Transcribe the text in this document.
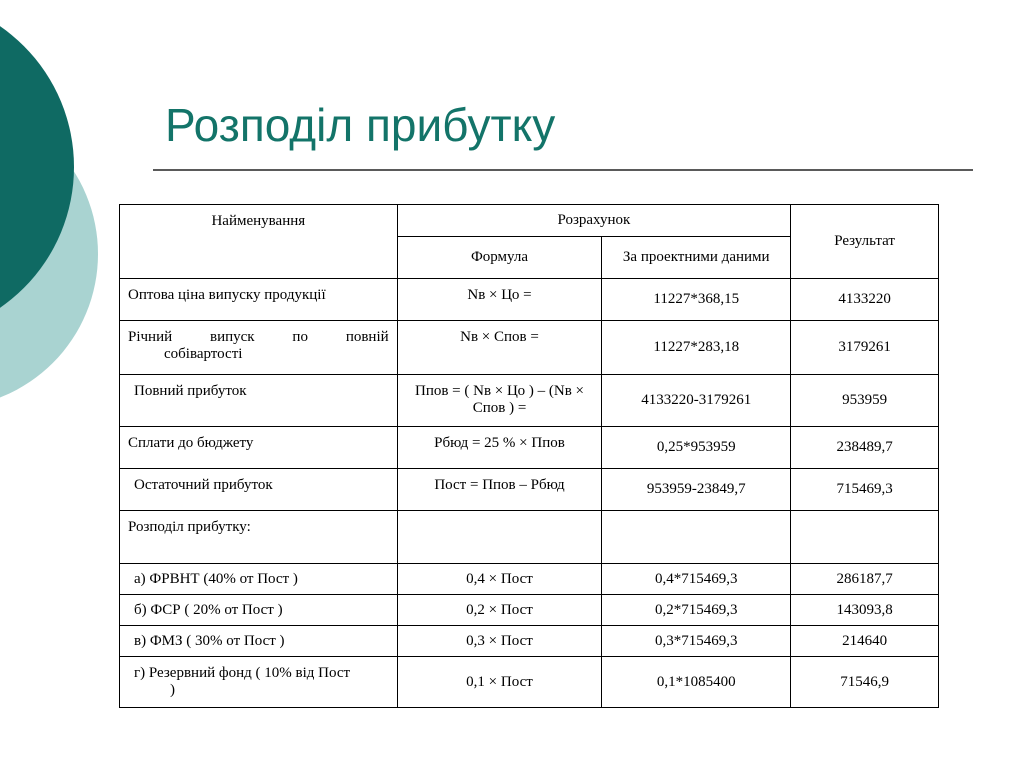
Розподіл прибутку
Найменування	Розрахунок		Результат
	Формула	За проектними даними	
Оптова ціна випуску продукції	Nв × Цо =	11227*368,15	4133220

Річний випуск по повній
собівартості	Nв × Спов =	11227*283,18	3179261
Повний прибуток	Ппов = ( Nв × Цо ) – (Nв × Спов ) =	4133220-3179261	953959
Сплати до бюджету	Рбюд = 25 % × Ппов	0,25*953959	238489,7
Остаточний прибуток	Пост = Ппов – Рбюд	953959-23849,7	715469,3
Розподіл прибутку:			
а) ФРВНТ (40% от Пост )	0,4 × Пост	0,4*715469,3	286187,7
б) ФСР ( 20% от Пост )	0,2 × Пост	0,2*715469,3	143093,8
в) ФМЗ ( 30% от Пост )	0,3 × Пост	0,3*715469,3	214640

г) Резервний фонд ( 10% від Пост
)	0,1 × Пост	0,1*1085400	71546,9
